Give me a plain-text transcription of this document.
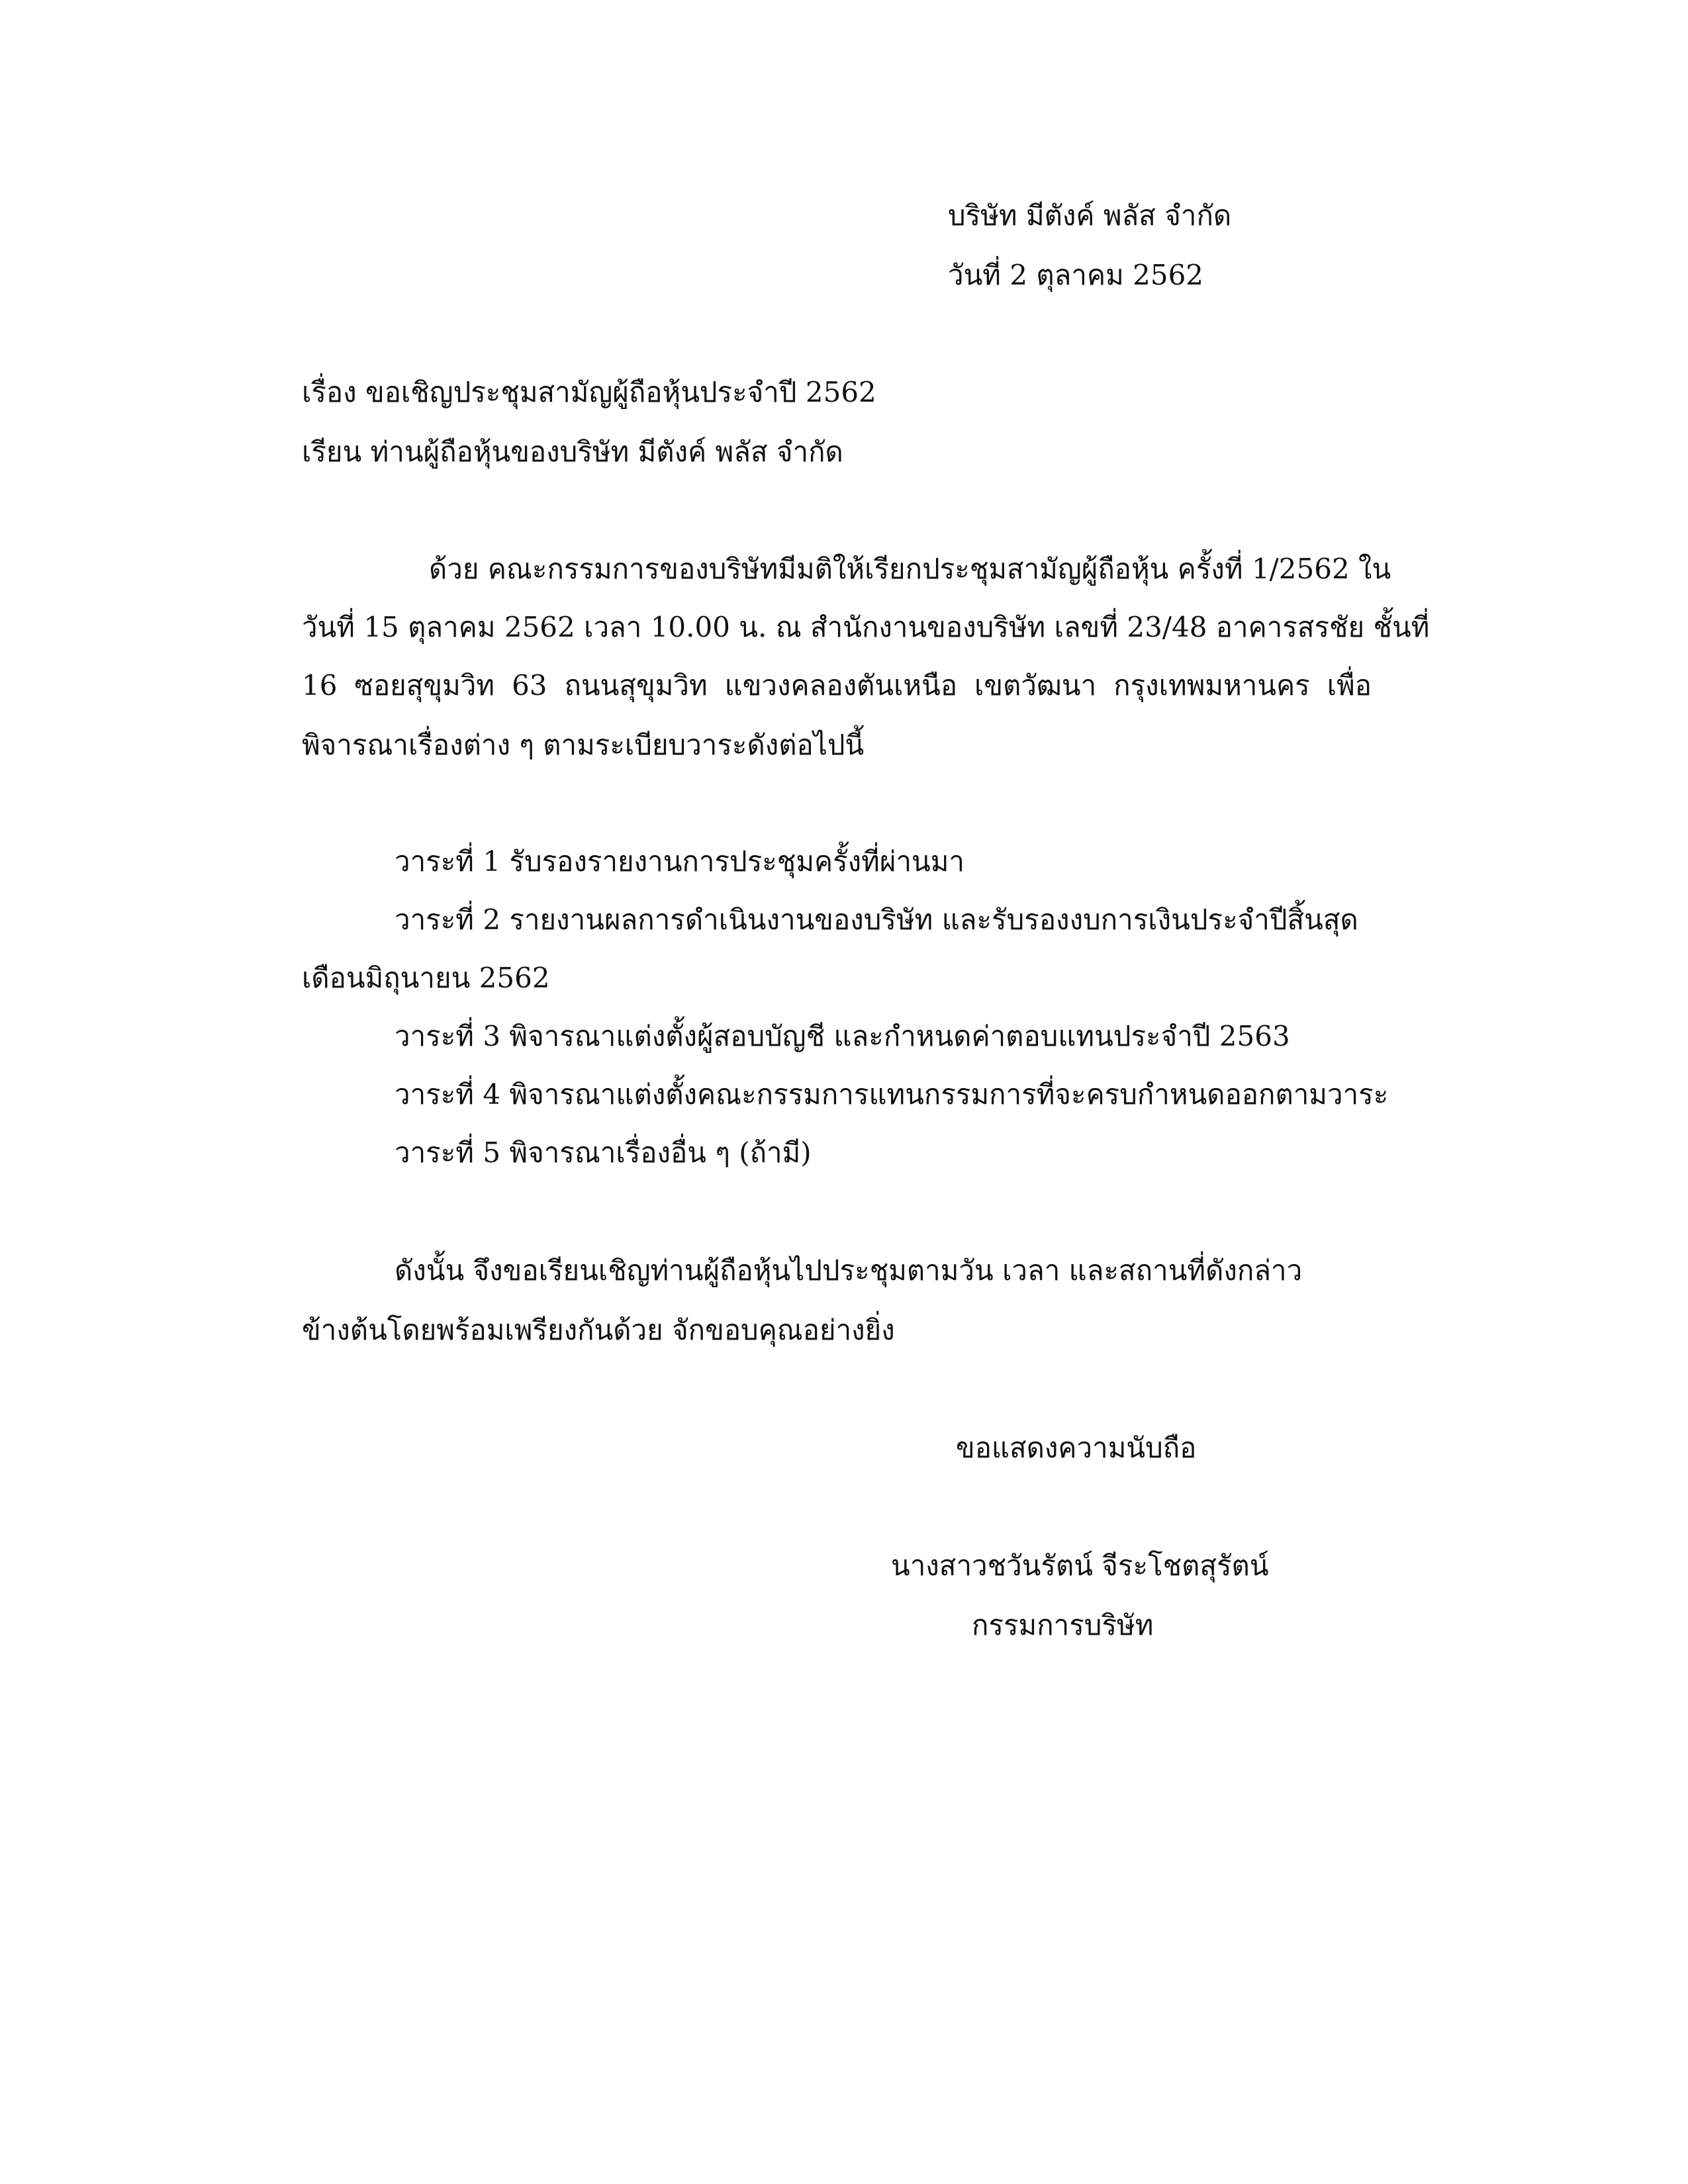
บริษัท มีตังค์ พลัส จำกัด
วันที่ 2 ตุลาคม 2562
เรื่อง ขอเชิญประชุมสามัญผู้ถือหุ้นประจำปี 2562
เรียน ท่านผู้ถือหุ้นของบริษัท มีตังค์ พลัส จำกัด
ด้วย คณะกรรมการของบริษัทมีมติให้เรียกประชุมสามัญผู้ถือหุ้น ครั้งที่ 1/2562 ใน
วันที่ 15 ตุลาคม 2562 เวลา 10.00 น. ณ สำนักงานของบริษัท เลขที่ 23/48 อาคารสรชัย ชั้นที่
16 ซอยสุขุมวิท 63 ถนนสุขุมวิท แขวงคลองตันเหนือ เขตวัฒนา กรุงเทพมหานคร เพื่อ
พิจารณาเรื่องต่าง ๆ ตามระเบียบวาระดังต่อไปนี้
วาระที่ 1 รับรองรายงานการประชุมครั้งที่ผ่านมา
วาระที่ 2 รายงานผลการดำเนินงานของบริษัท และรับรองงบการเงินประจำปีสิ้นสุด
เดือนมิถุนายน 2562
วาระที่ 3 พิจารณาแต่งตั้งผู้สอบบัญชี และกำหนดค่าตอบแทนประจำปี 2563
วาระที่ 4 พิจารณาแต่งตั้งคณะกรรมการแทนกรรมการที่จะครบกำหนดออกตามวาระ
วาระที่ 5 พิจารณาเรื่องอื่น ๆ (ถ้ามี)
ดังนั้น จึงขอเรียนเชิญท่านผู้ถือหุ้นไปประชุมตามวัน เวลา และสถานที่ดังกล่าว
ข้างต้นโดยพร้อมเพรียงกันด้วย จักขอบคุณอย่างยิ่ง
ขอแสดงความนับถือ
นางสาวชวันรัตน์ จีระโชตสุรัตน์
กรรมการบริษัท
